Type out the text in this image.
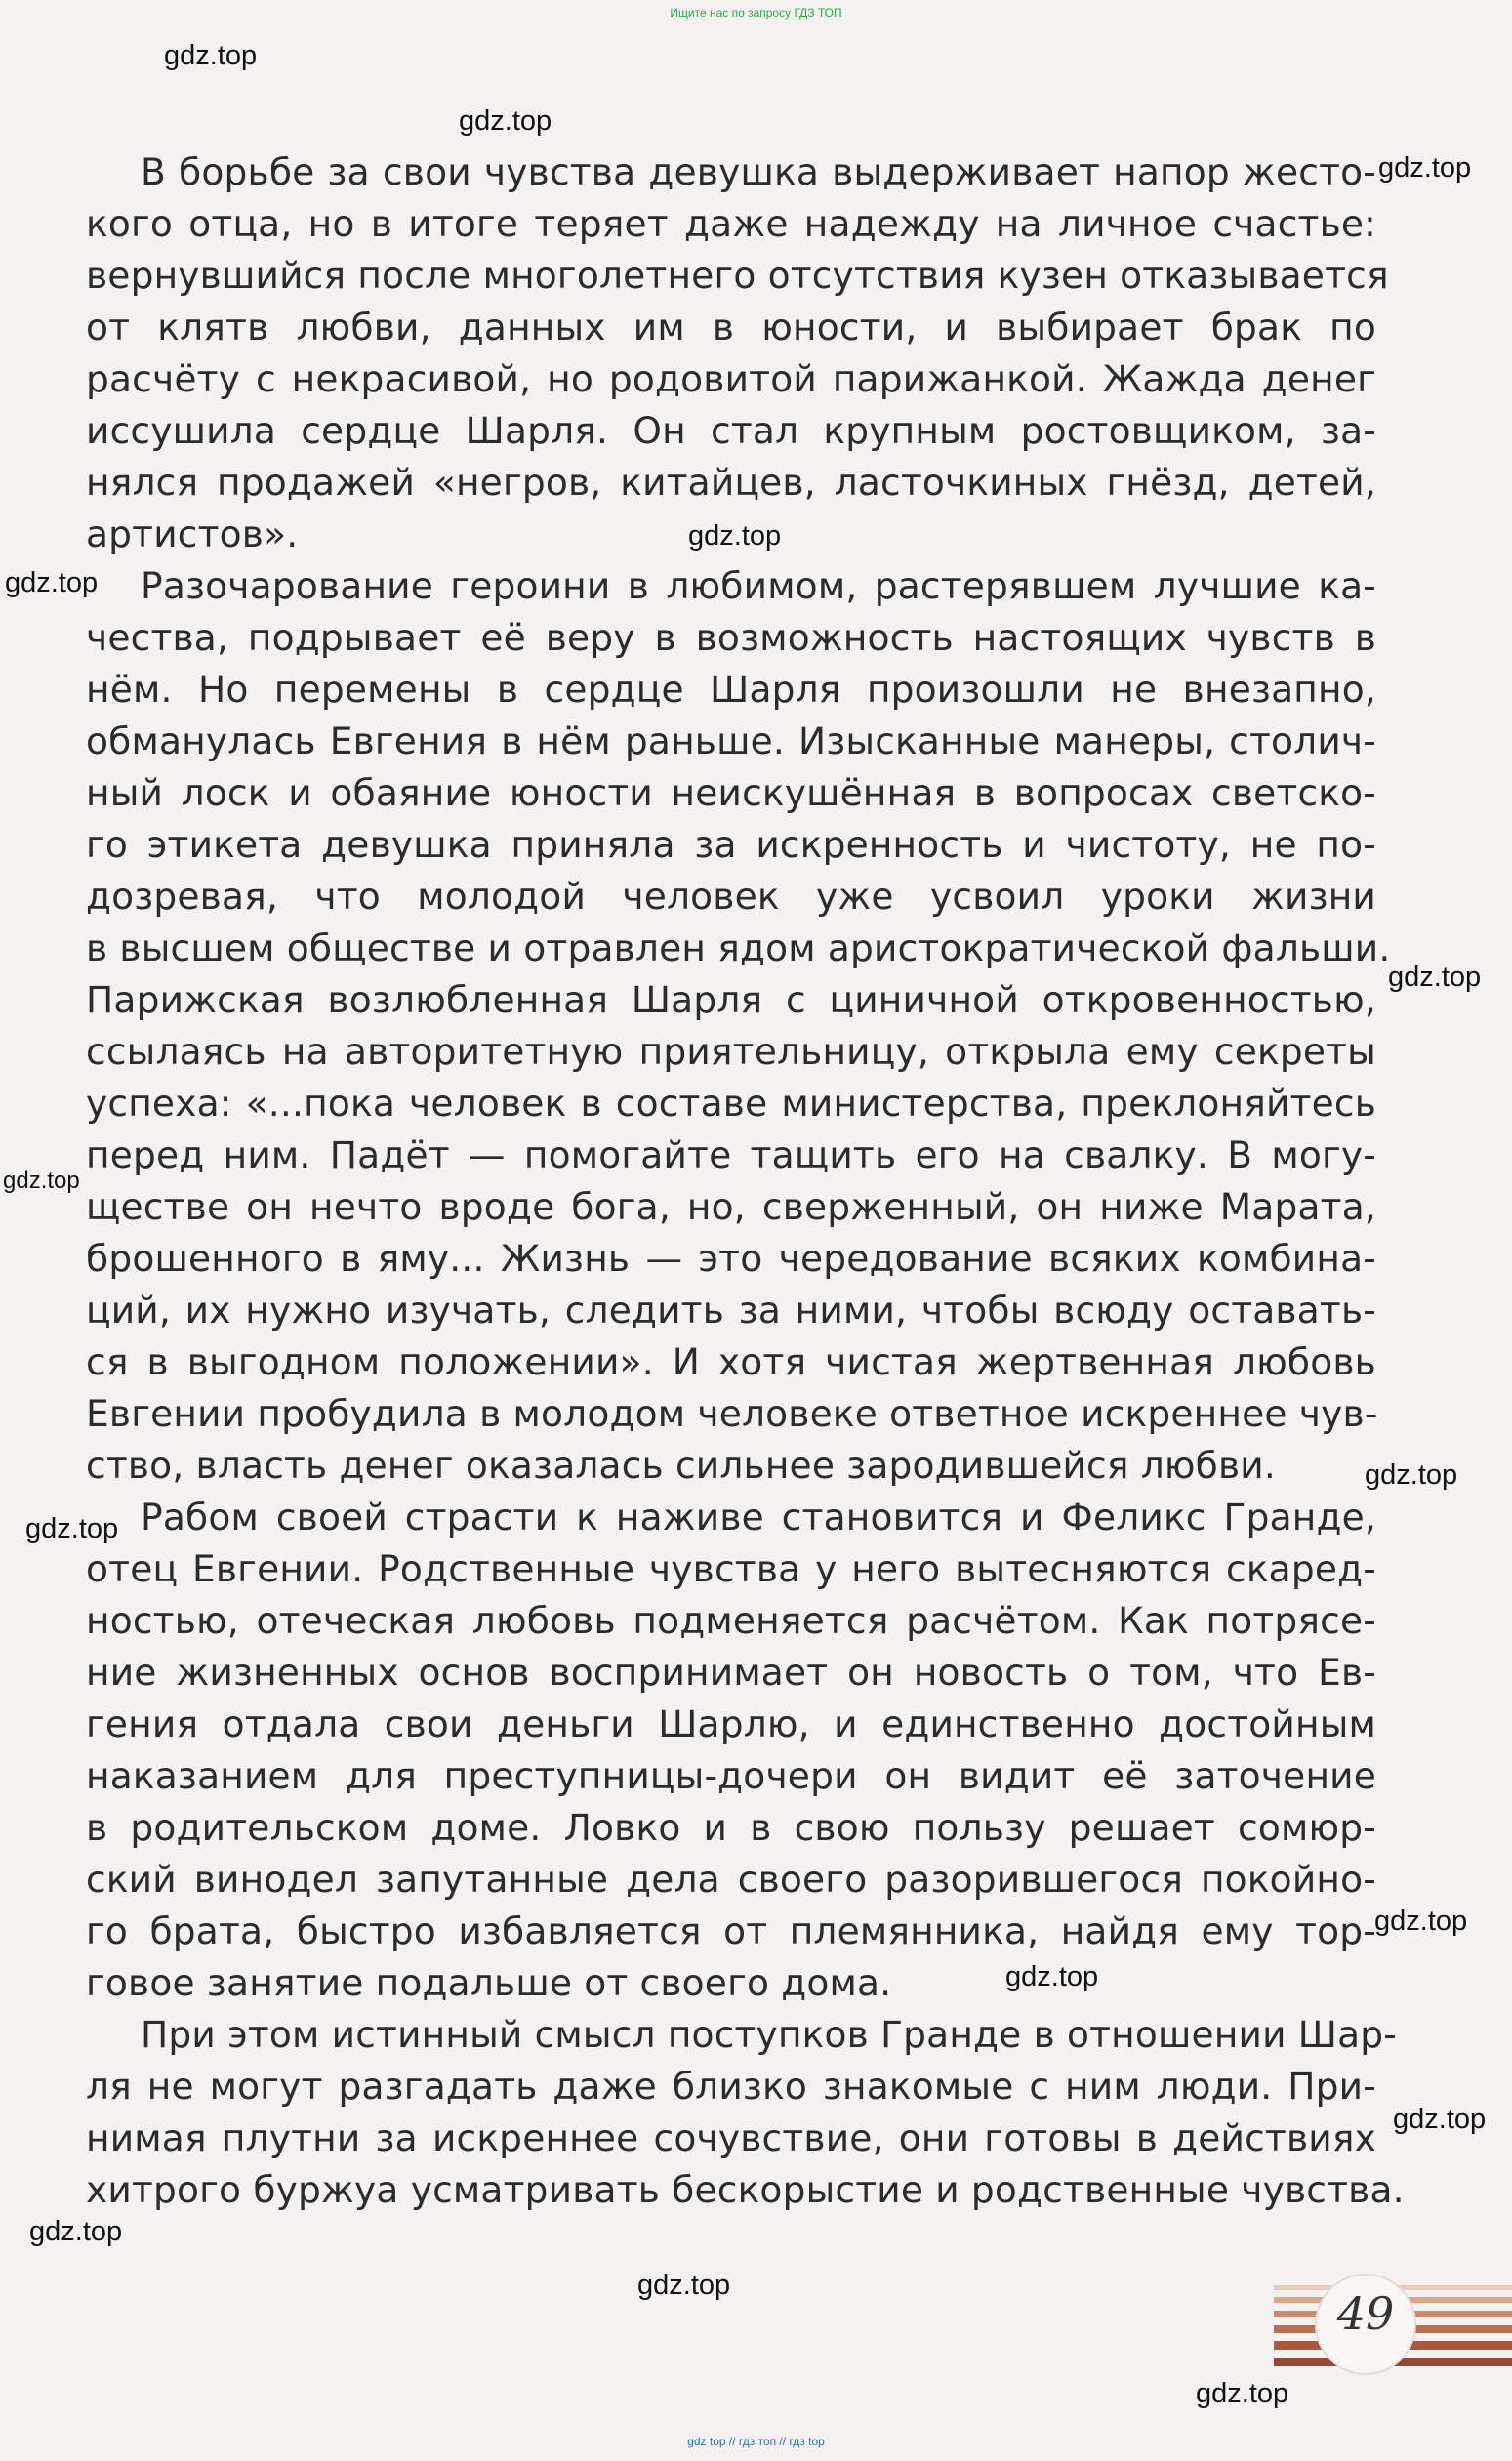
Ищите нас по запросу ГДЗ ТОП
В борьбе за свои чувства девушка выдерживает напор жесто-
кого отца, но в итоге теряет даже надежду на личное счастье:
вернувшийся после многолетнего отсутствия кузен отказывается
от клятв любви, данных им в юности, и выбирает брак по
расчёту с некрасивой, но родовитой парижанкой. Жажда денег
иссушила сердце Шарля. Он стал крупным ростовщиком, за-
нялся продажей «негров, китайцев, ласточкиных гнёзд, детей,
артистов».
Разочарование героини в любимом, растерявшем лучшие ка-
чества, подрывает её веру в возможность настоящих чувств в
нём. Но перемены в сердце Шарля произошли не внезапно,
обманулась Евгения в нём раньше. Изысканные манеры, столич-
ный лоск и обаяние юности неискушённая в вопросах светско-
го этикета девушка приняла за искренность и чистоту, не по-
дозревая, что молодой человек уже усвоил уроки жизни
в высшем обществе и отравлен ядом аристократической фальши.
Парижская возлюбленная Шарля с циничной откровенностью,
ссылаясь на авторитетную приятельницу, открыла ему секреты
успеха: «...пока человек в составе министерства, преклоняйтесь
перед ним. Падёт — помогайте тащить его на свалку. В могу-
ществе он нечто вроде бога, но, сверженный, он ниже Марата,
брошенного в яму... Жизнь — это чередование всяких комбина-
ций, их нужно изучать, следить за ними, чтобы всюду оставать-
ся в выгодном положении». И хотя чистая жертвенная любовь
Евгении пробудила в молодом человеке ответное искреннее чув-
ство, власть денег оказалась сильнее зародившейся любви.
Рабом своей страсти к наживе становится и Феликс Гранде,
отец Евгении. Родственные чувства у него вытесняются скаред-
ностью, отеческая любовь подменяется расчётом. Как потрясе-
ние жизненных основ воспринимает он новость о том, что Ев-
гения отдала свои деньги Шарлю, и единственно достойным
наказанием для преступницы-дочери он видит её заточение
в родительском доме. Ловко и в свою пользу решает сомюр-
ский винодел запутанные дела своего разорившегося покойно-
го брата, быстро избавляется от племянника, найдя ему тор-
говое занятие подальше от своего дома.
При этом истинный смысл поступков Гранде в отношении Шар-
ля не могут разгадать даже близко знакомые с ним люди. При-
нимая плутни за искреннее сочувствие, они готовы в действиях
хитрого буржуа усматривать бескорыстие и родственные чувства.
gdz.top
gdz.top
gdz.top
gdz.top
gdz.top
gdz.top
gdz.top
gdz.top
gdz.top
gdz.top
gdz.top
gdz.top
gdz.top
gdz.top
gdz.top
49
gdz top // гдз топ // гдз top
